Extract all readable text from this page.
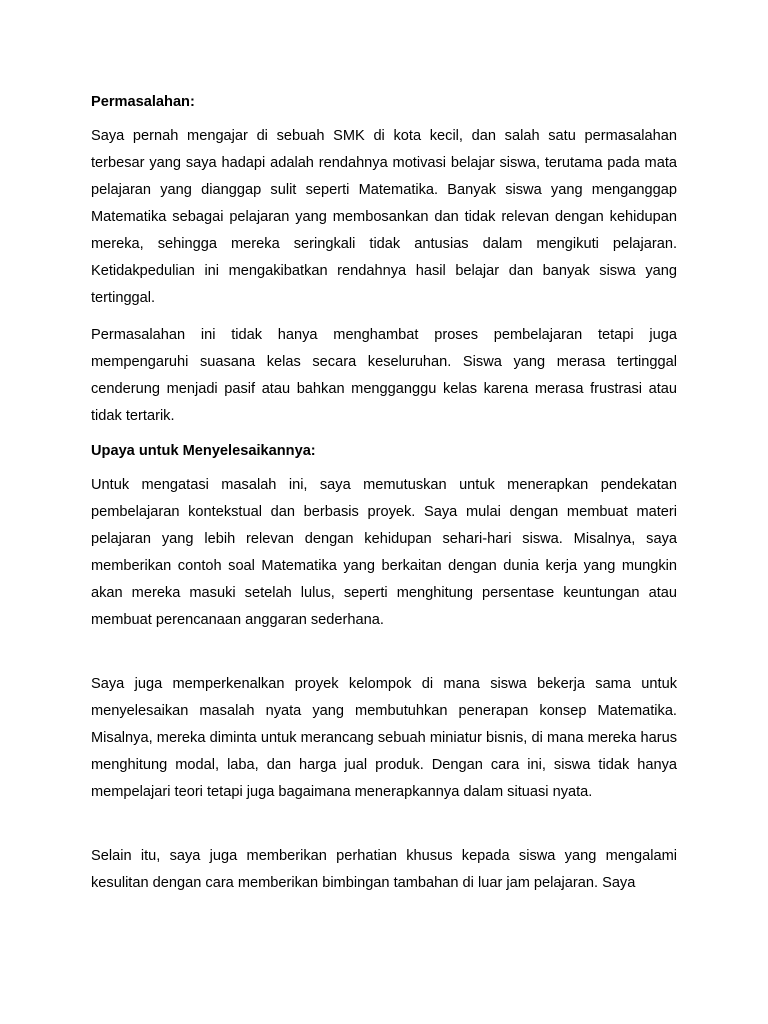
Permasalahan:

Saya pernah mengajar di sebuah SMK di kota kecil, dan salah satu permasalahan terbesar yang saya hadapi adalah rendahnya motivasi belajar siswa, terutama pada mata pelajaran yang dianggap sulit seperti Matematika. Banyak siswa yang menganggap Matematika sebagai pelajaran yang membosankan dan tidak relevan dengan kehidupan mereka, sehingga mereka seringkali tidak antusias dalam mengikuti pelajaran. Ketidakpedulian ini mengakibatkan rendahnya hasil belajar dan banyak siswa yang tertinggal.

Permasalahan ini tidak hanya menghambat proses pembelajaran tetapi juga mempengaruhi suasana kelas secara keseluruhan. Siswa yang merasa tertinggal cenderung menjadi pasif atau bahkan mengganggu kelas karena merasa frustrasi atau tidak tertarik.

Upaya untuk Menyelesaikannya:

Untuk mengatasi masalah ini, saya memutuskan untuk menerapkan pendekatan pembelajaran kontekstual dan berbasis proyek. Saya mulai dengan membuat materi pelajaran yang lebih relevan dengan kehidupan sehari-hari siswa. Misalnya, saya memberikan contoh soal Matematika yang berkaitan dengan dunia kerja yang mungkin akan mereka masuki setelah lulus, seperti menghitung persentase keuntungan atau membuat perencanaan anggaran sederhana.

Saya juga memperkenalkan proyek kelompok di mana siswa bekerja sama untuk menyelesaikan masalah nyata yang membutuhkan penerapan konsep Matematika. Misalnya, mereka diminta untuk merancang sebuah miniatur bisnis, di mana mereka harus menghitung modal, laba, dan harga jual produk. Dengan cara ini, siswa tidak hanya mempelajari teori tetapi juga bagaimana menerapkannya dalam situasi nyata.

Selain itu, saya juga memberikan perhatian khusus kepada siswa yang mengalami kesulitan dengan cara memberikan bimbingan tambahan di luar jam pelajaran. Saya
